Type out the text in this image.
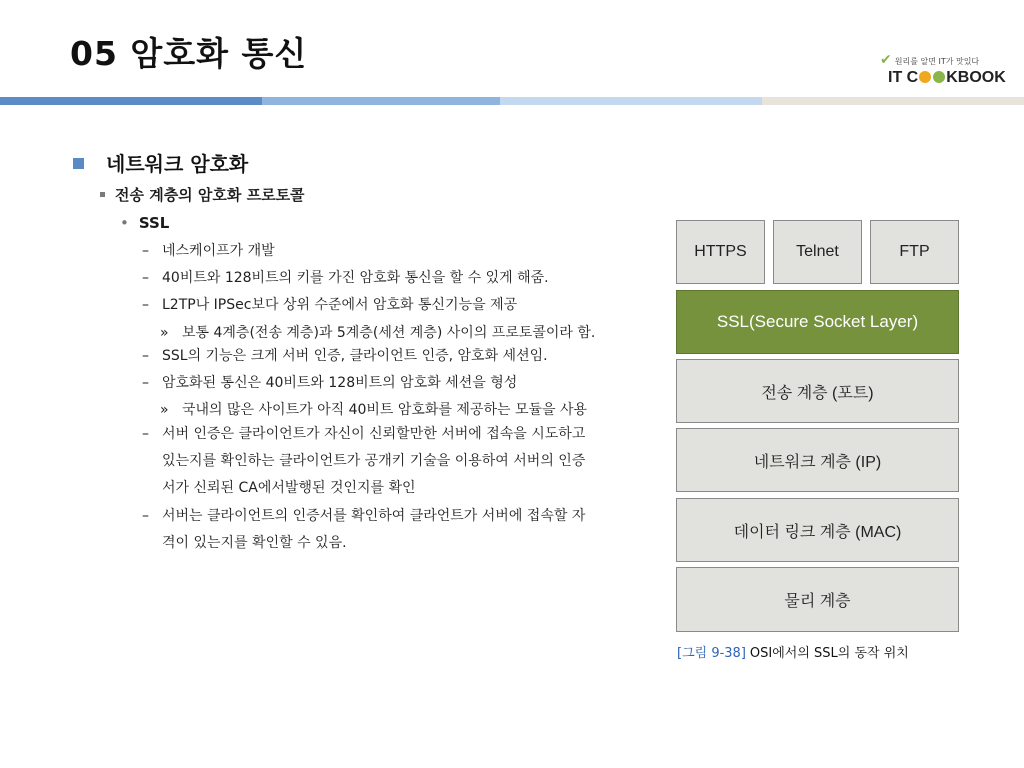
05 암호화 통신	✔ 원리를 알면 IT가 맛있다
IT C KBOOK
네트워크 암호화
전송 계층의 암호화 프로토콜
• SSL
– 네스케이프가 개발
– 40비트와 128비트의 키를 가진 암호화 통신을 할 수 있게 해줌.
– L2TP나 IPSec보다 상위 수준에서 암호화 통신기능을 제공
» 보통 4계층(전송 계층)과 5계층(세션 계층) 사이의 프로토콜이라 함.
– SSL의 기능은 크게 서버 인증, 클라이언트 인증, 암호화 세션임.
– 암호화된 통신은 40비트와 128비트의 암호화 세션을 형성
» 국내의 많은 사이트가 아직 40비트 암호화를 제공하는 모듈을 사용
– 서버 인증은 클라이언트가 자신이 신뢰할만한 서버에 접속을 시도하고
있는지를 확인하는 클라이언트가 공개키 기술을 이용하여 서버의 인증
서가 신뢰된 CA에서발행된 것인지를 확인
– 서버는 클라이언트의 인증서를 확인하여 클라언트가 서버에 접속할 자
격이 있는지를 확인할 수 있음.
HTTPS	Telnet	FTP
SSL(Secure Socket Layer)
전송 계층 (포트)
네트워크 계층 (IP)
데이터 링크 계층 (MAC)
물리 계층
[그림 9-38] OSI에서의 SSL의 동작 위치
